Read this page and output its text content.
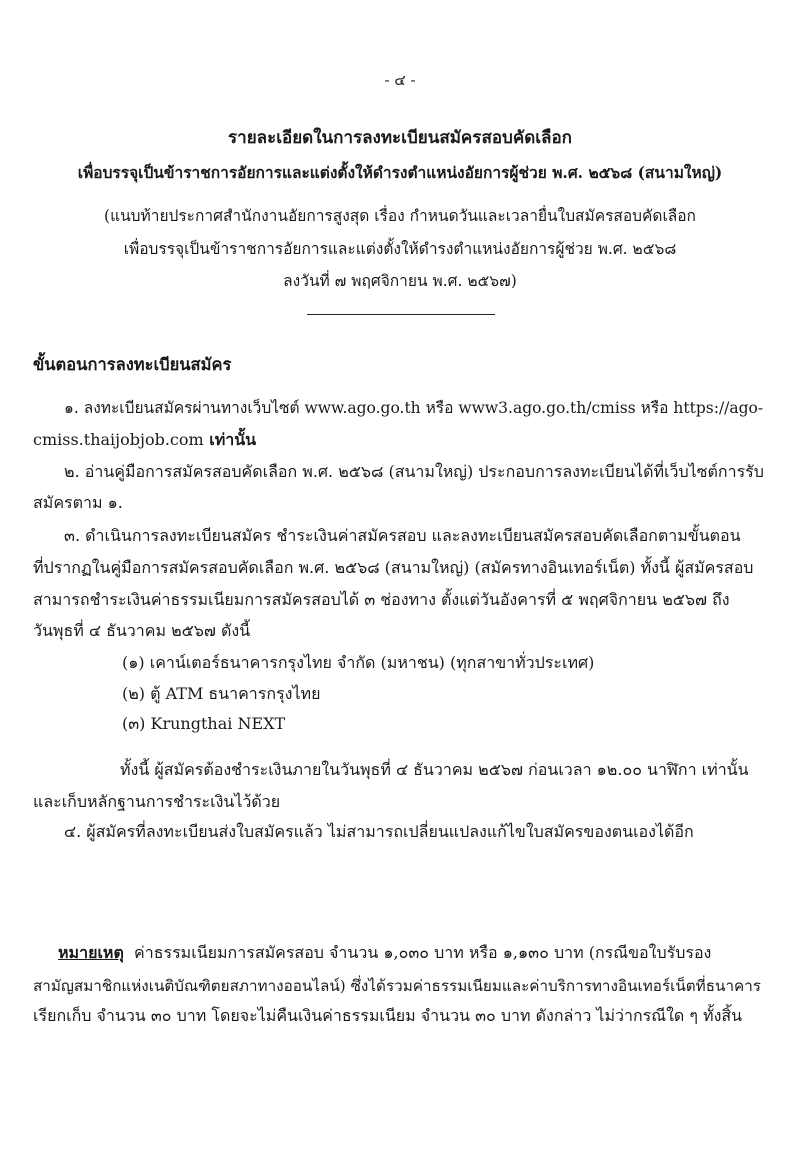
- ๔ -
รายละเอียดในการลงทะเบียนสมัครสอบคัดเลือก
เพื่อบรรจุเป็นข้าราชการอัยการและแต่งตั้งให้ดำรงตำแหน่งอัยการผู้ช่วย พ.ศ. ๒๕๖๘ (สนามใหญ่)
(แนบท้ายประกาศสำนักงานอัยการสูงสุด เรื่อง กำหนดวันและเวลายื่นใบสมัครสอบคัดเลือก
เพื่อบรรจุเป็นข้าราชการอัยการและแต่งตั้งให้ดำรงตำแหน่งอัยการผู้ช่วย พ.ศ. ๒๕๖๘
ลงวันที่ ๗ พฤศจิกายน พ.ศ. ๒๕๖๗)
ขั้นตอนการลงทะเบียนสมัคร
๑. ลงทะเบียนสมัครผ่านทางเว็บไซต์ www.ago.go.th หรือ www3.ago.go.th/cmiss หรือ https://ago-
cmiss.thaijobjob.com เท่านั้น
๒. อ่านคู่มือการสมัครสอบคัดเลือก พ.ศ. ๒๕๖๘ (สนามใหญ่) ประกอบการลงทะเบียนได้ที่เว็บไซต์การรับ
สมัครตาม ๑.
๓. ดำเนินการลงทะเบียนสมัคร ชำระเงินค่าสมัครสอบ และลงทะเบียนสมัครสอบคัดเลือกตามขั้นตอน
ที่ปรากฏในคู่มือการสมัครสอบคัดเลือก พ.ศ. ๒๕๖๘ (สนามใหญ่) (สมัครทางอินเทอร์เน็ต) ทั้งนี้ ผู้สมัครสอบ
สามารถชำระเงินค่าธรรมเนียมการสมัครสอบได้ ๓ ช่องทาง ตั้งแต่วันอังคารที่ ๕ พฤศจิกายน ๒๕๖๗ ถึง
วันพุธที่ ๔ ธันวาคม ๒๕๖๗ ดังนี้
(๑) เคาน์เตอร์ธนาคารกรุงไทย จำกัด (มหาชน) (ทุกสาขาทั่วประเทศ)
(๒) ตู้ ATM ธนาคารกรุงไทย
(๓) Krungthai NEXT
ทั้งนี้ ผู้สมัครต้องชำระเงินภายในวันพุธที่ ๔ ธันวาคม ๒๕๖๗ ก่อนเวลา ๑๒.๐๐ นาฬิกา เท่านั้น
และเก็บหลักฐานการชำระเงินไว้ด้วย
๔. ผู้สมัครที่ลงทะเบียนส่งใบสมัครแล้ว ไม่สามารถเปลี่ยนแปลงแก้ไขใบสมัครของตนเองได้อีก
หมายเหตุ ค่าธรรมเนียมการสมัครสอบ จำนวน ๑,๐๓๐ บาท หรือ ๑,๑๓๐ บาท (กรณีขอใบรับรอง
สามัญสมาชิกแห่งเนติบัณฑิตยสภาทางออนไลน์) ซึ่งได้รวมค่าธรรมเนียมและค่าบริการทางอินเทอร์เน็ตที่ธนาคาร
เรียกเก็บ จำนวน ๓๐ บาท โดยจะไม่คืนเงินค่าธรรมเนียม จำนวน ๓๐ บาท ดังกล่าว ไม่ว่ากรณีใด ๆ ทั้งสิ้น
